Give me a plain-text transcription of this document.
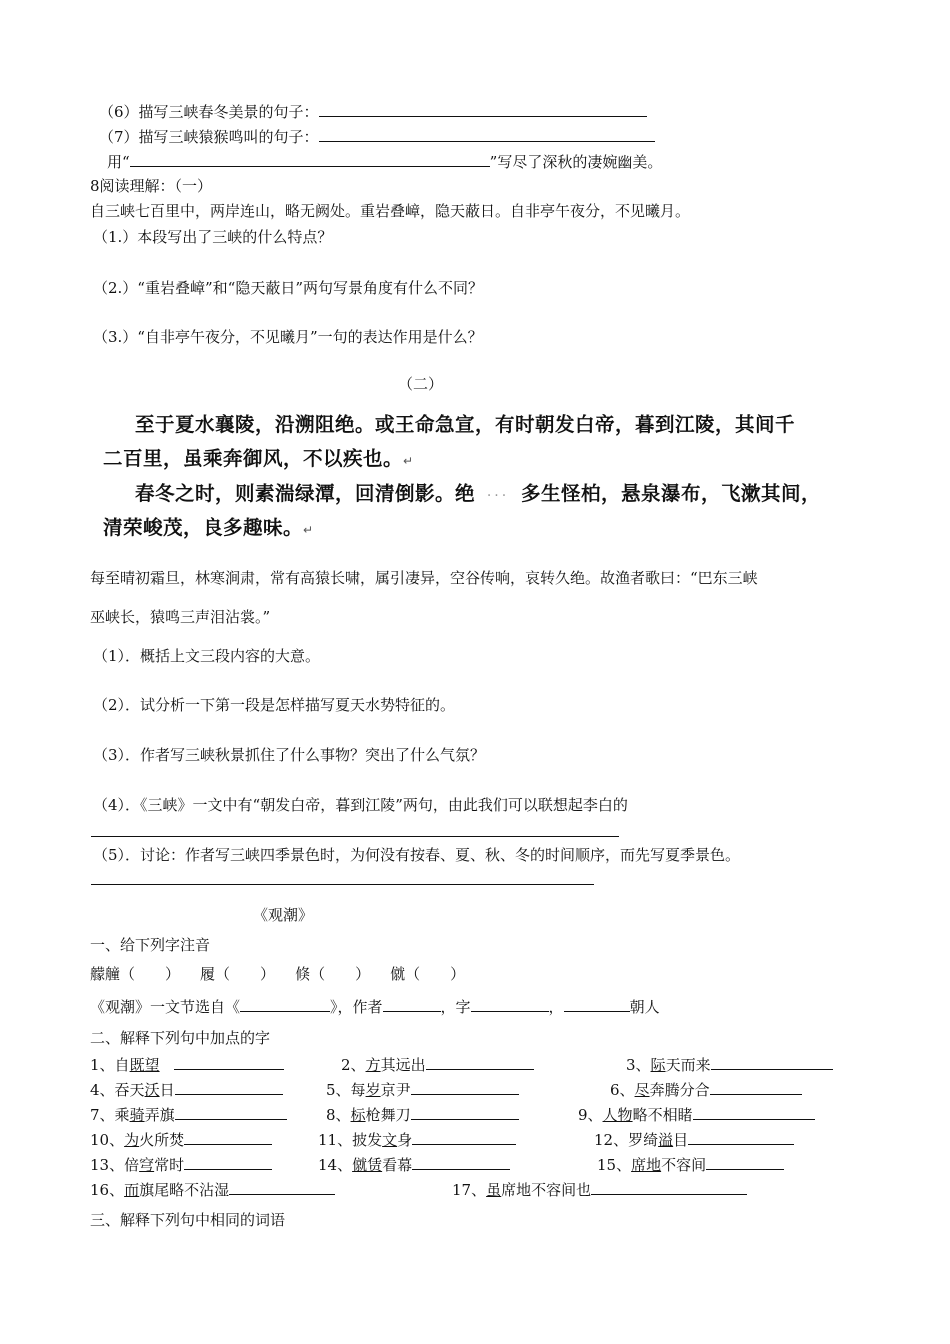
（6）描写三峡春冬美景的句子：
（7）描写三峡猿猴鸣叫的句子：
用“	”写尽了深秋的凄婉幽美。
8阅读理解：（一）
自三峡七百里中，两岸连山，略无阙处。重岩叠嶂，隐天蔽日。自非亭午夜分，不见曦月。
（1.）本段写出了三峡的什么特点？
（2.）“重岩叠嶂”和“隐天蔽日”两句写景角度有什么不同？
（3.）“自非亭午夜分，不见曦月”一句的表达作用是什么？
（二）
至于夏水襄陵，沿溯阻绝。或王命急宣，有时朝发白帝，暮到江陵，其间千
二百里，虽乘奔御风，不以疾也。↵
春冬之时，则素湍绿潭，回清倒影。绝 ··· 多生怪柏，悬泉瀑布，飞漱其间，
清荣峻茂，良多趣味。↵
每至晴初霜旦，林寒涧肃，常有高猿长啸，属引凄异，空谷传响，哀转久绝。故渔者歌曰：“巴东三峡
巫峡长，猿鸣三声泪沾裳。”
（1）．概括上文三段内容的大意。
（2）．试分析一下第一段是怎样描写夏天水势特征的。
（3）．作者写三峡秋景抓住了什么事物？突出了什么气氛？
（4）．《三峡》一文中有“朝发白帝，暮到江陵”两句，由此我们可以联想起李白的
（5）．讨论：作者写三峡四季景色时，为何没有按春、夏、秋、冬的时间顺序，而先写夏季景色。
《观潮》
一、给下列字注音
艨艟（ ） 履（ ） 倏（ ） 僦（ ）
《观潮》一文节选自《	》，作者	，字	，	朝人
二、解释下列句中加点的字
1、自既望	2、方其远出	3、际天而来
4、吞天沃日	5、每岁京尹	6、尽奔腾分合
7、乘骑弄旗	8、标枪舞刀	9、人物略不相睹
10、为火所焚	11、披发文身	12、罗绮溢目
13、倍穹常时	14、僦赁看幕	15、席地不容间
16、而旗尾略不沾湿	17、虽席地不容间也
三、解释下列句中相同的词语
